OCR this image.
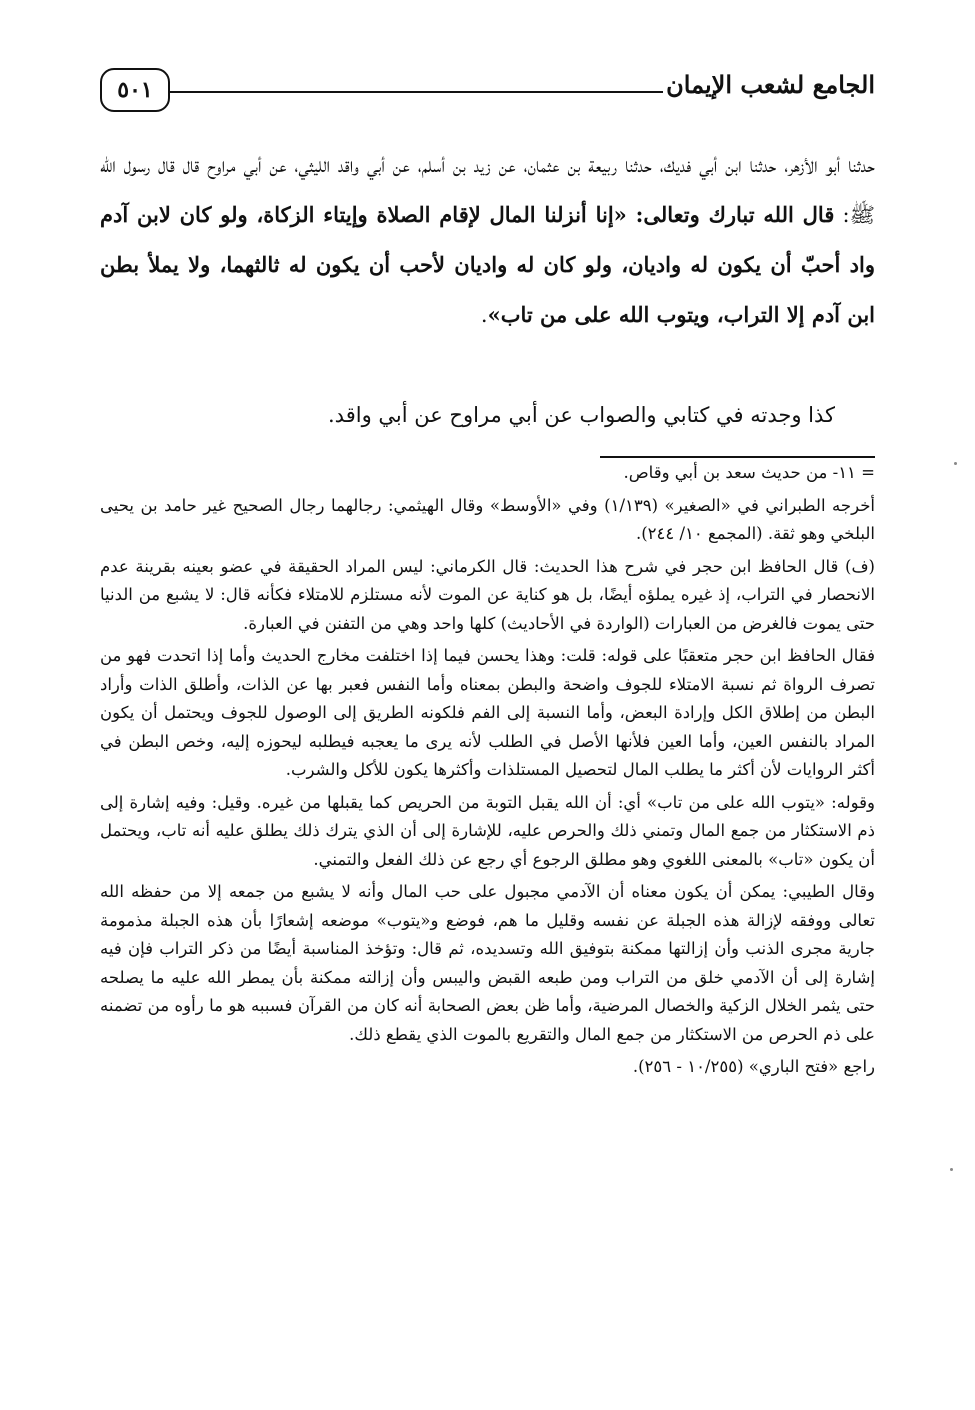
الجامع لشعب الإيمان
٥٠١
حدثنا أبو الأزهر، حدثنا ابن أبي فديك، حدثنا ربيعة بن عثمان، عن زيد بن أسلم، عن أبي واقد الليثي، عن أبي مراوح قال قال رسول الله ﷺ: قال الله تبارك وتعالى: «إنا أنزلنا المال لإقام الصلاة وإيتاء الزكاة، ولو كان لابن آدم واد أحبّ أن يكون له واديان، ولو كان له واديان لأحب أن يكون له ثالثهما، ولا يملأ بطن ابن آدم إلا التراب، ويتوب الله على من تاب».
كذا وجدته في كتابي والصواب عن أبي مراوح عن أبي واقد.

= ١١- من حديث سعد بن أبي وقاص.

أخرجه الطبراني في «الصغير» (١/١٣٩) وفي «الأوسط» وقال الهيثمي: رجالهما رجال الصحيح غير حامد بن يحيى البلخي وهو ثقة. (المجمع ١٠/ ٢٤٤).

(ف) قال الحافظ ابن حجر في شرح هذا الحديث: قال الكرماني: ليس المراد الحقيقة في عضو بعينه بقرينة عدم الانحصار في التراب، إذ غيره يملؤه أيضًا، بل هو كناية عن الموت لأنه مستلزم للامتلاء فكأنه قال: لا يشبع من الدنيا حتى يموت فالغرض من العبارات (الواردة في الأحاديث) كلها واحد وهي من التفنن في العبارة.

فقال الحافظ ابن حجر متعقبًا على قوله: قلت: وهذا يحسن فيما إذا اختلفت مخارج الحديث وأما إذا اتحدت فهو من تصرف الرواة ثم نسبة الامتلاء للجوف واضحة والبطن بمعناه وأما النفس فعبر بها عن الذات، وأطلق الذات وأراد البطن من إطلاق الكل وإرادة البعض، وأما النسبة إلى الفم فلكونه الطريق إلى الوصول للجوف ويحتمل أن يكون المراد بالنفس العين، وأما العين فلأنها الأصل في الطلب لأنه يرى ما يعجبه فيطلبه ليحوزه إليه، وخص البطن في أكثر الروايات لأن أكثر ما يطلب المال لتحصيل المستلذات وأكثرها يكون للأكل والشرب.

وقوله: «يتوب الله على من تاب» أي: أن الله يقبل التوبة من الحريص كما يقبلها من غيره. وقيل: وفيه إشارة إلى ذم الاستكثار من جمع المال وتمني ذلك والحرص عليه، للإشارة إلى أن الذي يترك ذلك يطلق عليه أنه تاب، ويحتمل أن يكون «تاب» بالمعنى اللغوي وهو مطلق الرجوع أي رجع عن ذلك الفعل والتمني.

وقال الطيبي: يمكن أن يكون معناه أن الآدمي مجبول على حب المال وأنه لا يشبع من جمعه إلا من حفظه الله تعالى ووفقه لإزالة هذه الجبلة عن نفسه وقليل ما هم، فوضع و«يتوب» موضعه إشعارًا بأن هذه الجبلة مذمومة جارية مجرى الذنب وأن إزالتها ممكنة بتوفيق الله وتسديده، ثم قال: وتؤخذ المناسبة أيضًا من ذكر التراب فإن فيه إشارة إلى أن الآدمي خلق من التراب ومن طبعه القبض واليبس وأن إزالته ممكنة بأن يمطر الله عليه ما يصلحه حتى يثمر الخلال الزكية والخصال المرضية، وأما ظن بعض الصحابة أنه كان من القرآن فسببه هو ما رأوه من تضمنه على ذم الحرص من الاستكثار من جمع المال والتقريع بالموت الذي يقطع ذلك.

راجع «فتح الباري» (١٠/٢٥٥ - ٢٥٦).
